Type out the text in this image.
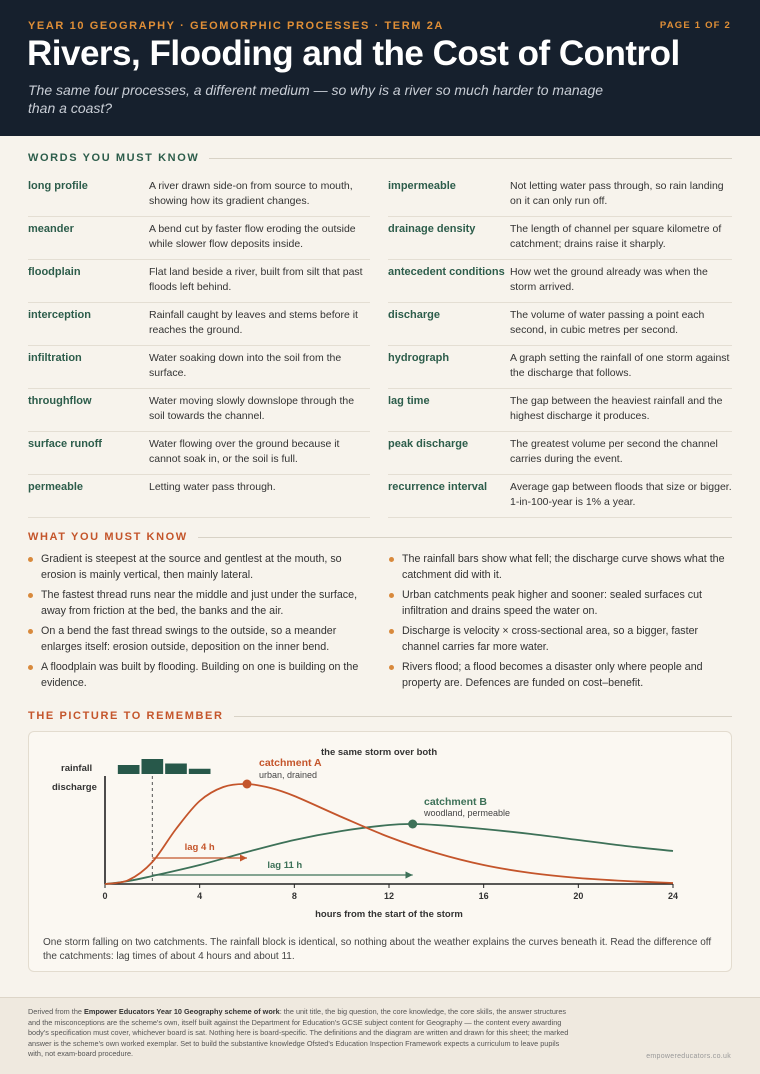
YEAR 10 GEOGRAPHY · GEOMORPHIC PROCESSES · TERM 2A	PAGE 1 OF 2
Rivers, Flooding and the Cost of Control
The same four processes, a different medium — so why is a river so much harder to manage than a coast?
WORDS YOU MUST KNOW
long profile	A river drawn side-on from source to mouth, showing how its gradient changes.
meander	A bend cut by faster flow eroding the outside while slower flow deposits inside.
floodplain	Flat land beside a river, built from silt that past floods left behind.
interception	Rainfall caught by leaves and stems before it reaches the ground.
infiltration	Water soaking down into the soil from the surface.
throughflow	Water moving slowly downslope through the soil towards the channel.
surface runoff	Water flowing over the ground because it cannot soak in, or the soil is full.
permeable	Letting water pass through.
impermeable	Not letting water pass through, so rain landing on it can only run off.
drainage density	The length of channel per square kilometre of catchment; drains raise it sharply.
antecedent conditions How wet the ground already was when the storm arrived.
discharge	The volume of water passing a point each second, in cubic metres per second.
hydrograph	A graph setting the rainfall of one storm against the discharge that follows.
lag time	The gap between the heaviest rainfall and the highest discharge it produces.
peak discharge	The greatest volume per second the channel carries during the event.
recurrence interval	Average gap between floods that size or bigger. 1-in-100-year is 1% a year.
WHAT YOU MUST KNOW
Gradient is steepest at the source and gentlest at the mouth, so erosion is mainly vertical, then mainly lateral.
The fastest thread runs near the middle and just under the surface, away from friction at the bed, the banks and the air.
On a bend the fast thread swings to the outside, so a meander enlarges itself: erosion outside, deposition on the inner bend.
A floodplain was built by flooding. Building on one is building on the evidence.
The rainfall bars show what fell; the discharge curve shows what the catchment did with it.
Urban catchments peak higher and sooner: sealed surfaces cut infiltration and drains speed the water on.
Discharge is velocity × cross-sectional area, so a bigger, faster channel carries far more water.
Rivers flood; a flood becomes a disaster only where people and property are. Defences are funded on cost–benefit.
THE PICTURE TO REMEMBER
0	4	8	12	16	20	24
hours from the start of the storm
rainfall
discharge
the same storm over both
catchment A
urban, drained
catchment B
woodland, permeable
lag 4 h
lag 11 h
One storm falling on two catchments. The rainfall block is identical, so nothing about the weather explains the curves beneath it. Read the difference off the catchments: lag times of about 4 hours and about 11.
Derived from the Empower Educators Year 10 Geography scheme of work: the unit title, the big question, the core knowledge, the core skills, the answer structures and the misconceptions are the scheme's own, itself built against the Department for Education's GCSE subject content for Geography — the content every awarding body's specification must cover, whichever board is sat. Nothing here is board-specific. The definitions and the diagram are written and drawn for this sheet; the marked answer is the scheme's own worked exemplar. Set to build the substantive knowledge Ofsted's Education Inspection Framework expects a curriculum to leave pupils with, not exam-board procedure.	empowereducators.co.uk
